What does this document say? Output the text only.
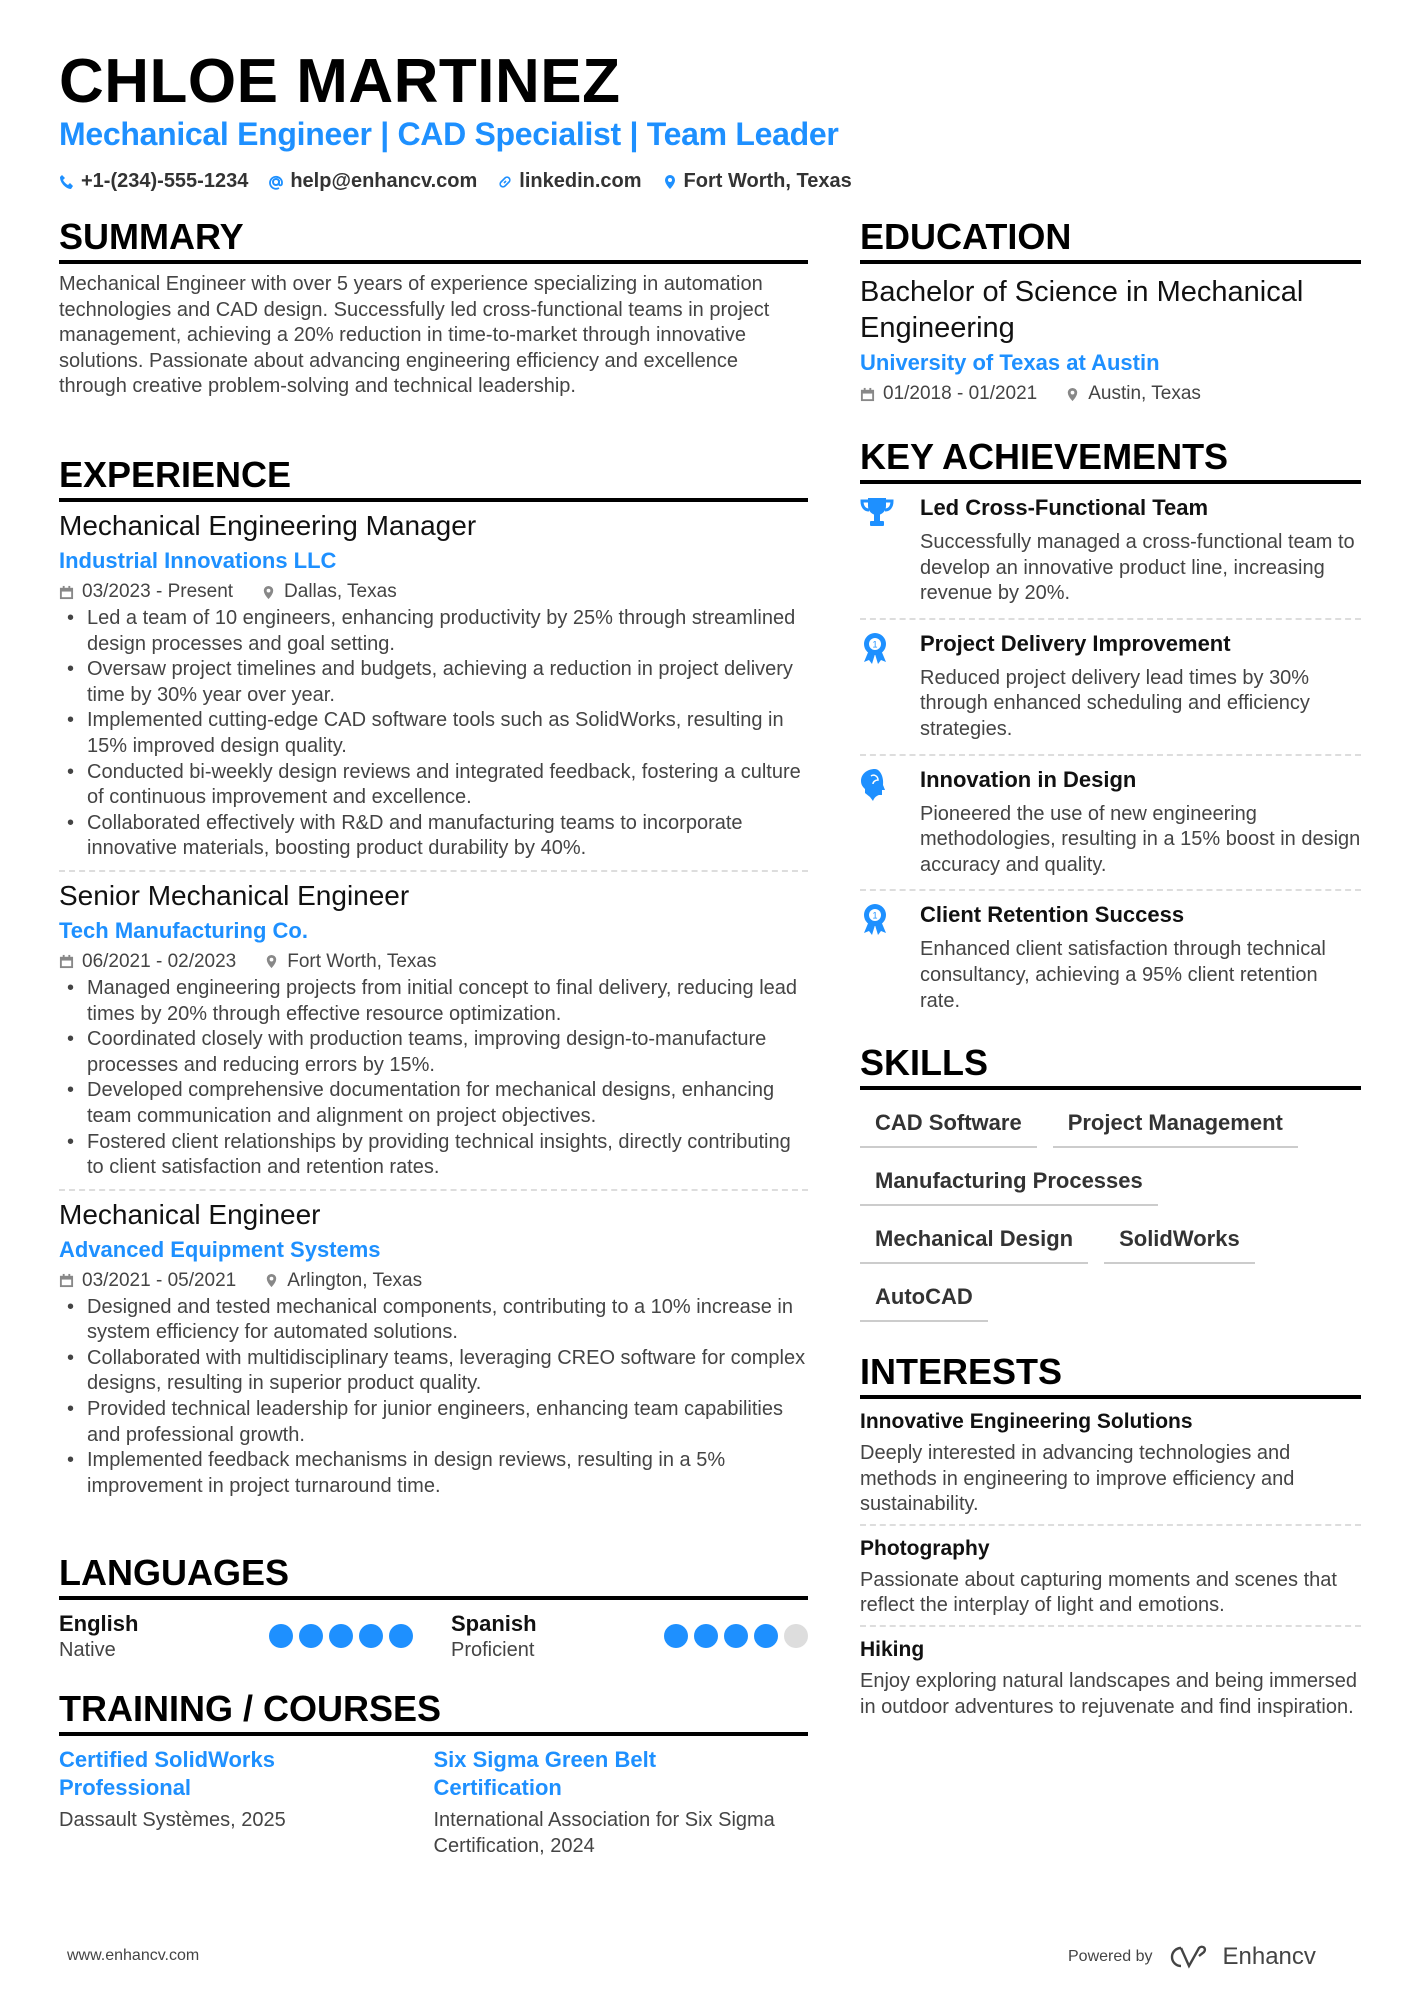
CHLOE MARTINEZ
Mechanical Engineer | CAD Specialist | Team Leader
+1-(234)-555-1234 help@enhancv.com linkedin.com Fort Worth, Texas
SUMMARY
Mechanical Engineer with over 5 years of experience specializing in automation technologies and CAD design. Successfully led cross-functional teams in project management, achieving a 20% reduction in time-to-market through innovative solutions. Passionate about advancing engineering efficiency and excellence through creative problem-solving and technical leadership.
EXPERIENCE
Mechanical Engineering Manager
Industrial Innovations LLC
03/2023 - Present	Dallas, Texas
• Led a team of 10 engineers, enhancing productivity by 25% through streamlined design processes and goal setting.
• Oversaw project timelines and budgets, achieving a reduction in project delivery time by 30% year over year.
• Implemented cutting-edge CAD software tools such as SolidWorks, resulting in 15% improved design quality.
• Conducted bi-weekly design reviews and integrated feedback, fostering a culture of continuous improvement and excellence.
• Collaborated effectively with R&D and manufacturing teams to incorporate innovative materials, boosting product durability by 40%.
Senior Mechanical Engineer
Tech Manufacturing Co.
06/2021 - 02/2023	Fort Worth, Texas
• Managed engineering projects from initial concept to final delivery, reducing lead times by 20% through effective resource optimization.
• Coordinated closely with production teams, improving design-to-manufacture processes and reducing errors by 15%.
• Developed comprehensive documentation for mechanical designs, enhancing team communication and alignment on project objectives.
• Fostered client relationships by providing technical insights, directly contributing to client satisfaction and retention rates.
Mechanical Engineer
Advanced Equipment Systems
03/2021 - 05/2021	Arlington, Texas
• Designed and tested mechanical components, contributing to a 10% increase in system efficiency for automated solutions.
• Collaborated with multidisciplinary teams, leveraging CREO software for complex designs, resulting in superior product quality.
• Provided technical leadership for junior engineers, enhancing team capabilities and professional growth.
• Implemented feedback mechanisms in design reviews, resulting in a 5% improvement in project turnaround time.
LANGUAGES
English
Native
Spanish
Proficient
TRAINING / COURSES
Certified SolidWorks Professional
Dassault Systèmes, 2025
Six Sigma Green Belt Certification
International Association for Six Sigma Certification, 2024
EDUCATION
Bachelor of Science in Mechanical Engineering
University of Texas at Austin
01/2018 - 01/2021	Austin, Texas
KEY ACHIEVEMENTS
Led Cross-Functional Team
Successfully managed a cross-functional team to develop an innovative product line, increasing revenue by 20%.
1 Project Delivery Improvement
Reduced project delivery lead times by 30% through enhanced scheduling and efficiency strategies.
Innovation in Design
Pioneered the use of new engineering methodologies, resulting in a 15% boost in design accuracy and quality.
1 Client Retention Success
Enhanced client satisfaction through technical consultancy, achieving a 95% client retention rate.
SKILLS
CAD Software	Project Management
Manufacturing Processes
Mechanical Design	SolidWorks
AutoCAD
INTERESTS
Innovative Engineering Solutions
Deeply interested in advancing technologies and methods in engineering to improve efficiency and sustainability.
Photography
Passionate about capturing moments and scenes that reflect the interplay of light and emotions.
Hiking
Enjoy exploring natural landscapes and being immersed in outdoor adventures to rejuvenate and find inspiration.
www.enhancv.com	Powered by	Enhancv
